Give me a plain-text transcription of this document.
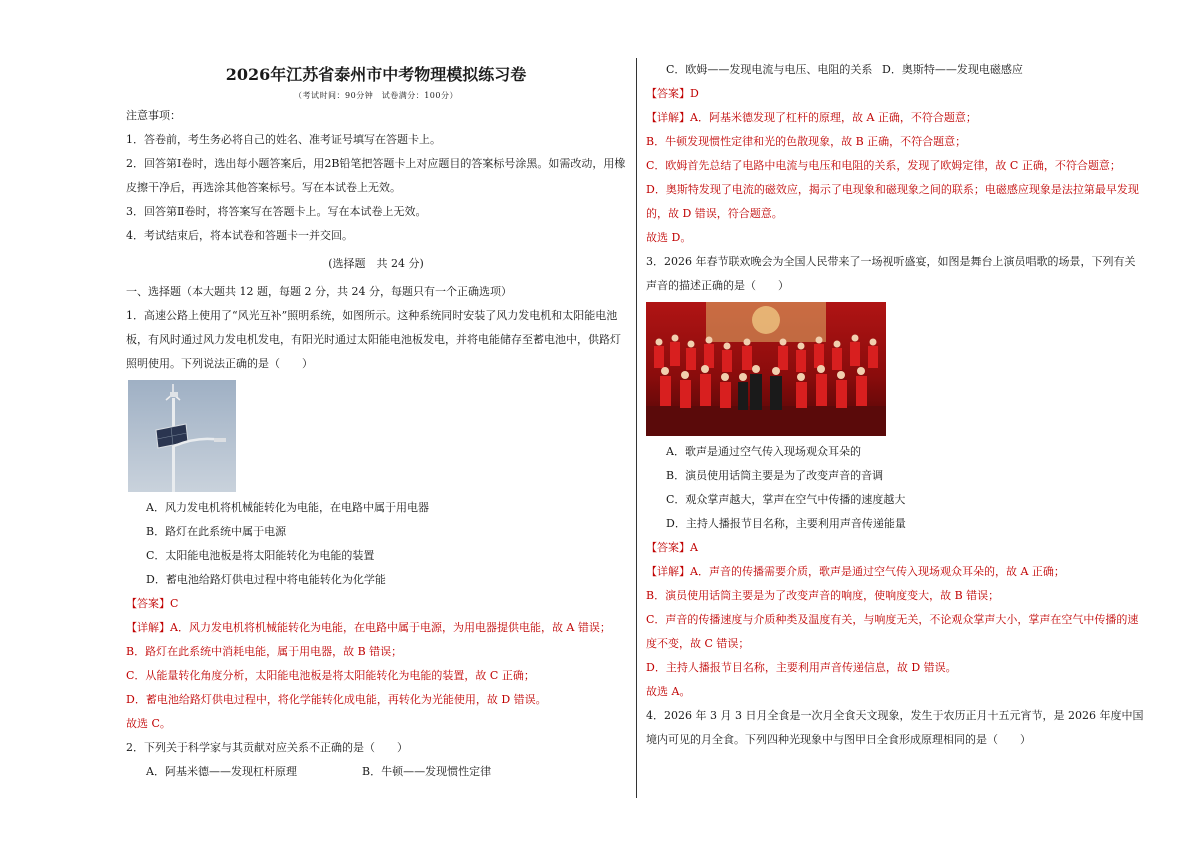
2026年江苏省泰州市中考物理模拟练习卷
（考试时间：90分钟　试卷满分：100分）

注意事项：

1．答卷前，考生务必将自己的姓名、准考证号填写在答题卡上。

2．回答第Ⅰ卷时，选出每小题答案后，用2B铅笔把答题卡上对应题目的答案标号涂黑。如需改动，用橡皮擦干净后，再选涂其他答案标号。写在本试卷上无效。

3．回答第Ⅱ卷时，将答案写在答题卡上。写在本试卷上无效。

4．考试结束后，将本试卷和答题卡一并交回。

(选择题　共 24 分)

一、选择题（本大题共 12 题，每题 2 分，共 24 分，每题只有一个正确选项）

1．高速公路上使用了“风光互补”照明系统，如图所示。这种系统同时安装了风力发电机和太阳能电池板，有风时通过风力发电机发电，有阳光时通过太阳能电池板发电，并将电能储存至蓄电池中，供路灯照明使用。下列说法正确的是（　　）

A．风力发电机将机械能转化为电能，在电路中属于用电器

B．路灯在此系统中属于电源

C．太阳能电池板是将太阳能转化为电能的装置

D．蓄电池给路灯供电过程中将电能转化为化学能

【答案】C

【详解】A．风力发电机将机械能转化为电能，在电路中属于电源，为用电器提供电能，故 A 错误；

B．路灯在此系统中消耗电能，属于用电器，故 B 错误；

C．从能量转化角度分析，太阳能电池板是将太阳能转化为电能的装置，故 C 正确；

D．蓄电池给路灯供电过程中，将化学能转化成电能，再转化为光能使用，故 D 错误。

故选 C。

2．下列关于科学家与其贡献对应关系不正确的是（　　）

A．阿基米德——发现杠杆原理	B．牛顿——发现惯性定律
C．欧姆——发现电流与电压、电阻的关系 D．奥斯特——发现电磁感应

【答案】D

【详解】A．阿基米德发现了杠杆的原理，故 A 正确，不符合题意；

B．牛顿发现惯性定律和光的色散现象，故 B 正确，不符合题意；

C．欧姆首先总结了电路中电流与电压和电阻的关系，发现了欧姆定律，故 C 正确，不符合题意；

D．奥斯特发现了电流的磁效应，揭示了电现象和磁现象之间的联系；电磁感应现象是法拉第最早发现的，故 D 错误，符合题意。

故选 D。

3．2026 年春节联欢晚会为全国人民带来了一场视听盛宴，如图是舞台上演员唱歌的场景，下列有关声音的描述正确的是（　　）

A．歌声是通过空气传入现场观众耳朵的

B．演员使用话筒主要是为了改变声音的音调

C．观众掌声越大，掌声在空气中传播的速度越大

D．主持人播报节目名称，主要利用声音传递能量

【答案】A

【详解】A．声音的传播需要介质，歌声是通过空气传入现场观众耳朵的，故 A 正确；

B．演员使用话筒主要是为了改变声音的响度，使响度变大，故 B 错误；

C．声音的传播速度与介质种类及温度有关，与响度无关，不论观众掌声大小，掌声在空气中传播的速度不变，故 C 错误；

D．主持人播报节目名称，主要利用声音传递信息，故 D 错误。

故选 A。

4．2026 年 3 月 3 日月全食是一次月全食天文现象，发生于农历正月十五元宵节，是 2026 年度中国境内可见的月全食。下列四种光现象中与图甲日全食形成原理相同的是（　　）
